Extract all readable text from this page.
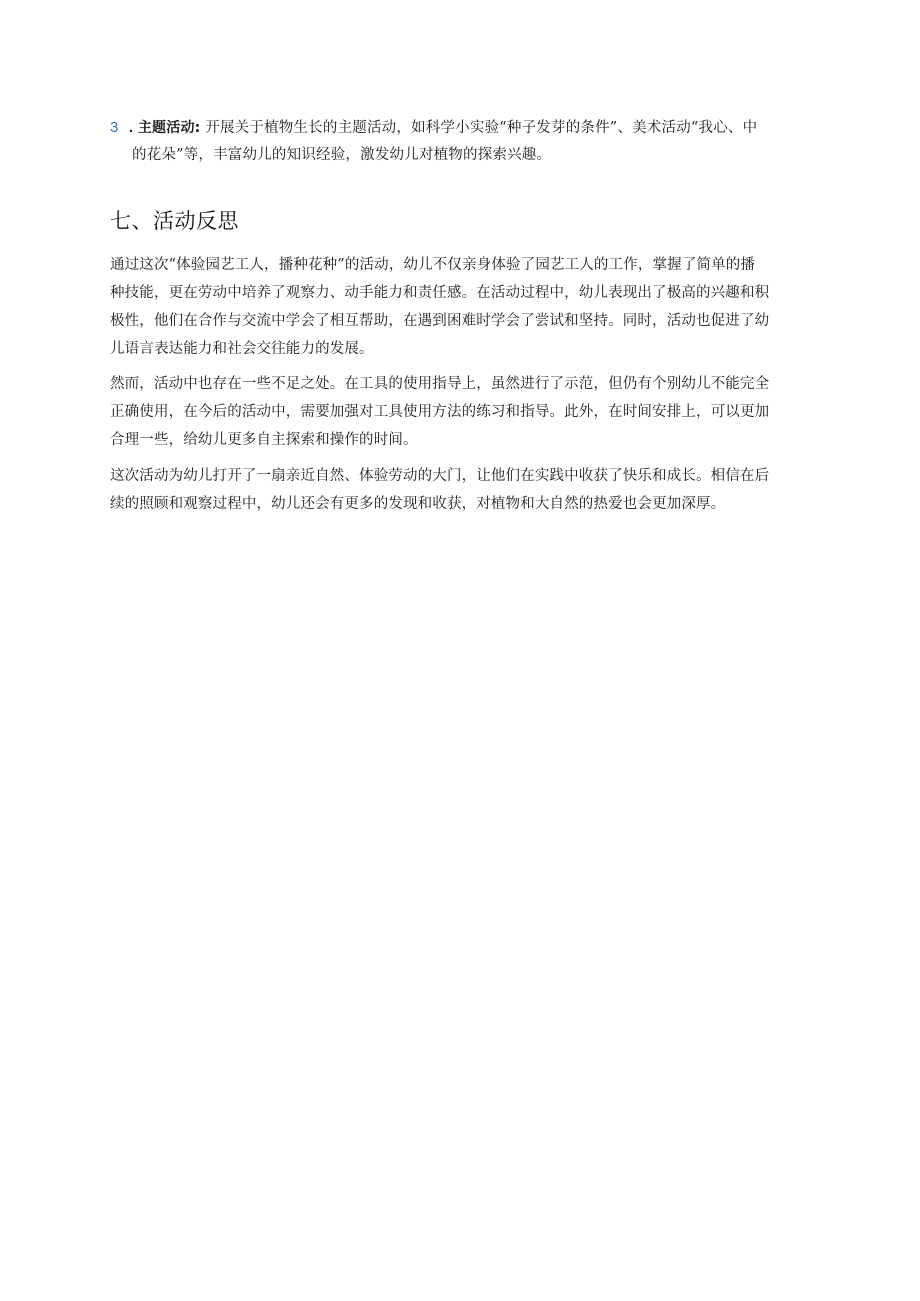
3 . 主题活动: 开展关于植物生长的主题活动，如科学小实验“种子发芽的条件”、美术活动“我心、中
的花朵”等，丰富幼儿的知识经验，激发幼儿对植物的探索兴趣。
七、活动反思

通过这次“体验园艺工人，播种花种”的活动，幼儿不仅亲身体验了园艺工人的工作，掌握了简单的播
种技能，更在劳动中培养了观察力、动手能力和责任感。在活动过程中，幼儿表现出了极高的兴趣和积
极性，他们在合作与交流中学会了相互帮助，在遇到困难时学会了尝试和坚持。同时，活动也促进了幼
儿语言表达能力和社会交往能力的发展。

然而，活动中也存在一些不足之处。在工具的使用指导上，虽然进行了示范，但仍有个别幼儿不能完全
正确使用，在今后的活动中，需要加强对工具使用方法的练习和指导。此外，在时间安排上，可以更加
合理一些，给幼儿更多自主探索和操作的时间。

这次活动为幼儿打开了一扇亲近自然、体验劳动的大门，让他们在实践中收获了快乐和成长。相信在后
续的照顾和观察过程中，幼儿还会有更多的发现和收获，对植物和大自然的热爱也会更加深厚。
